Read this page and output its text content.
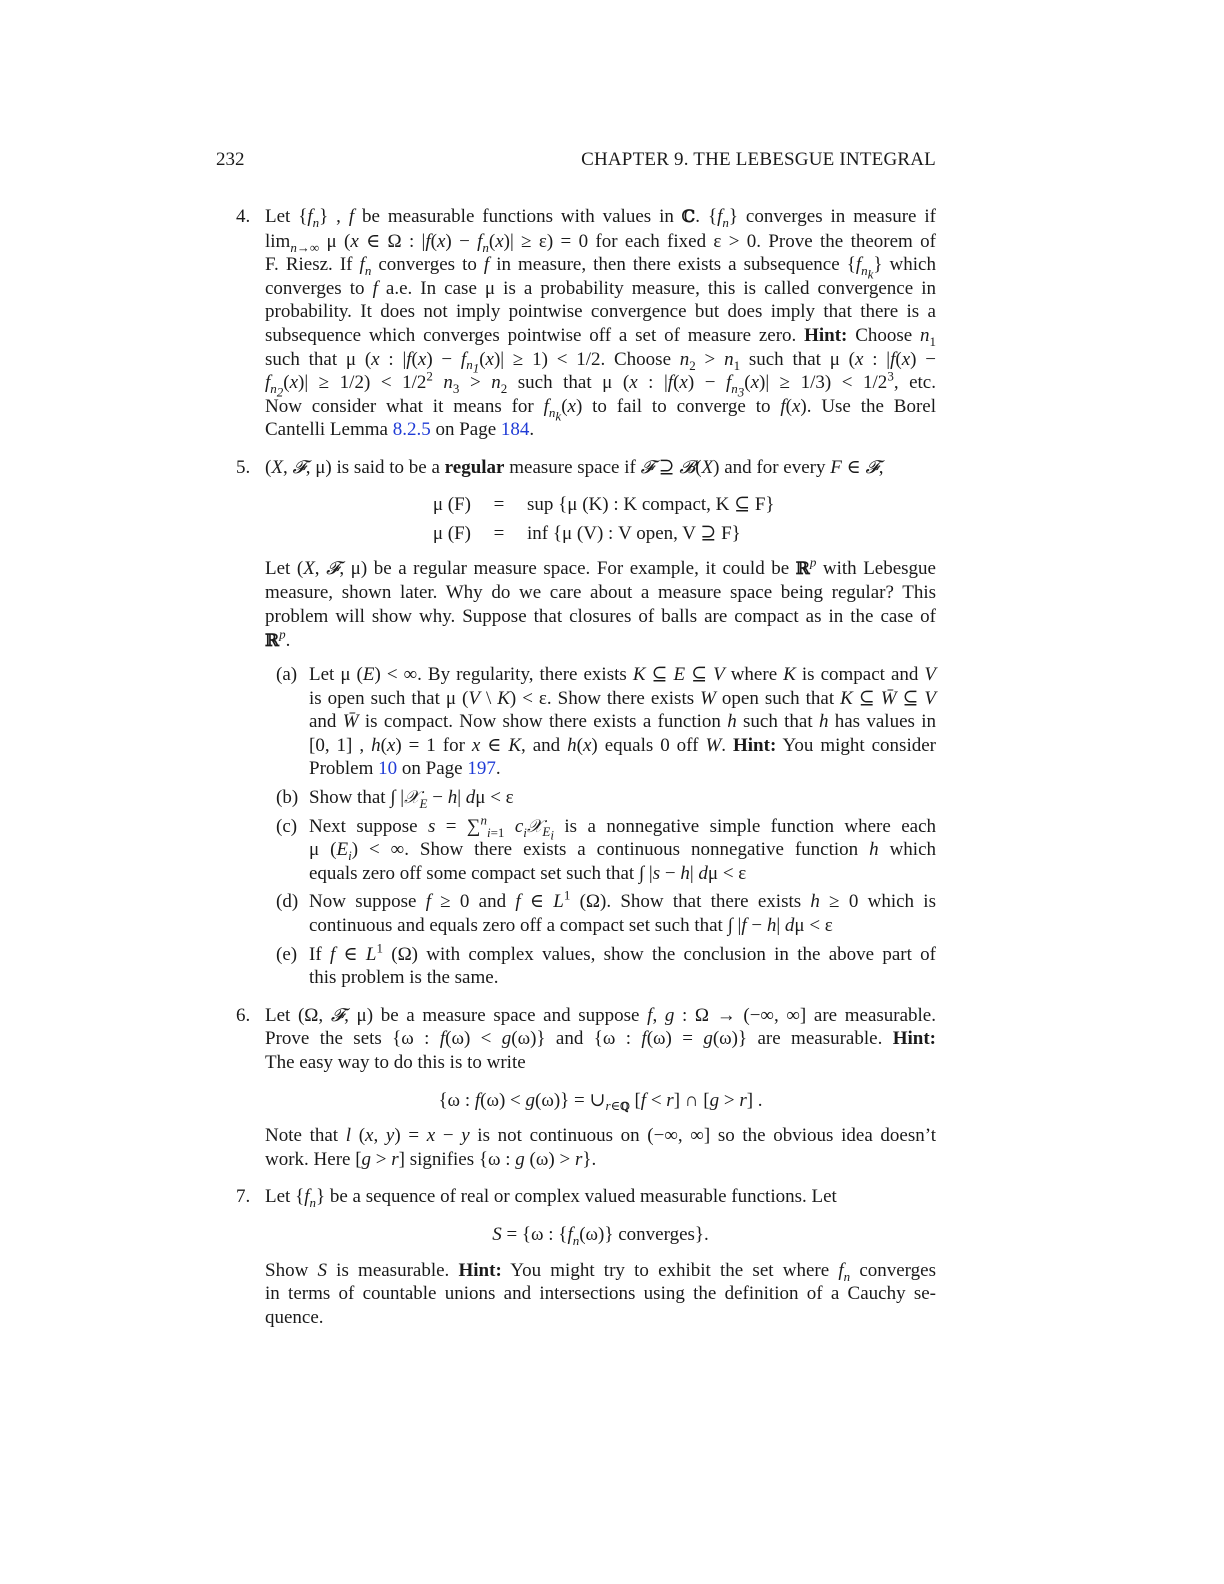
232	CHAPTER 9. THE LEBESGUE INTEGRAL
4. Let $\{f_n\}$ , f be measurable functions with values in ℂ. $\{f_n\}$ converges in measure if
$\lim_{n\to\infty} \mu$ (x ∈ Ω : $|f(x) - f_n(x)| \ge \varepsilon) = 0$ for each fixed ε > 0. Prove the theorem of
F. Riesz. If $f_n$ converges to f in measure, then there exists a subsequence $\{f_{n_k}\}$ which
converges to f a.e. In case μ is a probability measure, this is called convergence in
probability. It does not imply pointwise convergence but does imply that there is a
subsequence which converges pointwise off a set of measure zero. Hint: Choose $n_1$
such that μ (x : $|f(x) - f_{n_1}(x)| \ge 1) < 1/2$. Choose $n_2 > n_1$ such that μ (x : |f(x) −
$f_{n_2}(x)| \ge 1/2) < 1/2^2$ $n_3 > n_2$ such that μ (x : $|f(x) - f_{n_3}(x)| \ge 1/3) < 1/2^3$, etc.
Now consider what it means for $f_{n_k}(x)$ to fail to converge to f(x). Use the Borel
Cantelli Lemma 8.2.5 on Page 184.
5. (X, 𝓕, μ) is said to be a regular measure space if 𝓕 ⊇ 𝓑(X) and for every F ∈ 𝓕,
μ (F)	=	sup {μ (K) : K compact, K ⊆ F}
μ (F)	=	inf {μ (V) : V open, V ⊇ F}
Let (X, 𝓕, μ) be a regular measure space. For example, it could be ℝ$^p$ with Lebesgue
measure, shown later. Why do we care about a measure space being regular? This
problem will show why. Suppose that closures of balls are compact as in the case of
ℝ$^p$.
(a) Let μ (E) < ∞. By regularity, there exists K ⊆ E ⊆ V where K is compact and V
is open such that μ (V \ K) < ε. Show there exists W open such that K ⊆ W̄ ⊆ V
and W̄ is compact. Now show there exists a function h such that h has values in
[0, 1] , h(x) = 1 for x ∈ K, and h(x) equals 0 off W. Hint: You might consider
Problem 10 on Page 197.
(b) Show that ∫ |𝒳$_E$ − h| dμ < ε
(c) Next suppose s = ∑$^n_{i=1}$ $c_i𝒳_{E_i}$ is a nonnegative simple function where each
μ $(E_i)$ < ∞. Show there exists a continuous nonnegative function h which
equals zero off some compact set such that ∫ |s − h| dμ < ε
(d) Now suppose f ≥ 0 and f ∈ $L^1$ (Ω). Show that there exists h ≥ 0 which is
continuous and equals zero off a compact set such that ∫ |f − h| dμ < ε
(e) If f ∈ $L^1$ (Ω) with complex values, show the conclusion in the above part of
this problem is the same.
6. Let (Ω, 𝓕, μ) be a measure space and suppose f, g : Ω → (−∞, ∞] are measurable.
Prove the sets {ω : f(ω) < g(ω)} and {ω : f(ω) = g(ω)} are measurable. Hint:
The easy way to do this is to write
{ω : $f(\omega) < g(\omega)\} = \cup_{r\in ℚ}$ [f < r] ∩ [g > r] .
Note that l (x, y) = x − y is not continuous on (−∞, ∞] so the obvious idea doesn’t
work. Here [g > r] signifies {ω : g (ω) > r}.
7. Let $\{f_n\}$ be a sequence of real or complex valued measurable functions. Let
S = {ω : $\{f_n(\omega)\}$ converges}.
Show S is measurable. Hint: You might try to exhibit the set where $f_n$ converges
in terms of countable unions and intersections using the definition of a Cauchy se-
quence.
